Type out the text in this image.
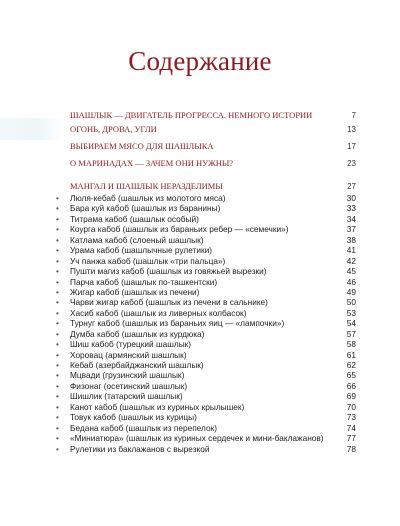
Содержание
ШАШЛЫК — ДВИГАТЕЛЬ ПРОГРЕССА. НЕМНОГО ИСТОРИИ	7
ОГОНЬ, ДРОВА, УГЛИ	13
ВЫБИРАЕМ МЯСО ДЛЯ ШАШЛЫКА	17
О МАРИНАДАХ — ЗАЧЕМ ОНИ НУЖНЫ?	23
МАНГАЛ И ШАШЛЫК НЕРАЗДЕЛИМЫ	27
• Люля-кебаб (шашлык из молотого мяса)	30
• Бара куй кабоб (шашлык из баранины)	33
• Титрама кабоб (шашлык особый)	34
• Коурга кабоб (шашлык из бараньих ребер — «семечки»)	37
• Катлама кабоб (слоеный шашлык)	38
• Урама кабоб (шашлычные рулетики)	41
• Уч панжа кабоб (шашлык «три пальца»)	42
• Пушти магиз кабоб (шашлык из говяжьей вырезки)	45
• Парча кабоб (шашлык по-ташкентски)	46
• Жигар кабоб (шашлык из печени)	49
• Чарви жигар кабоб (шашлык из печени в сальнике)	50
• Хасиб кабоб (шашлык из ливерных колбасок)	53
• Турнуг кабоб (шашлык из бараньих яиц — «лампочки»)	54
• Думба кабоб (шашлык из курдюка)	57
• Шиш кабоб (турецкий шашлык)	58
• Хоровац (армянский шашлык)	61
• Кебаб (азербайджанский шашлык)	62
• Мцвади (грузинский шашлык)	65
• Физонаг (осетинский шашлык)	66
• Шишлик (татарский шашлык)	69
• Канот кабоб (шашлык из куриных крылышек)	70
• Товук кабоб (шашлык из курицы)	73
• Бедана кабоб (шашлык из перепелок)	74
• «Миниатюра» (шашлык из куриных сердечек и мини-баклажанов)	77
• Рулетики из баклажанов с вырезкой	78
